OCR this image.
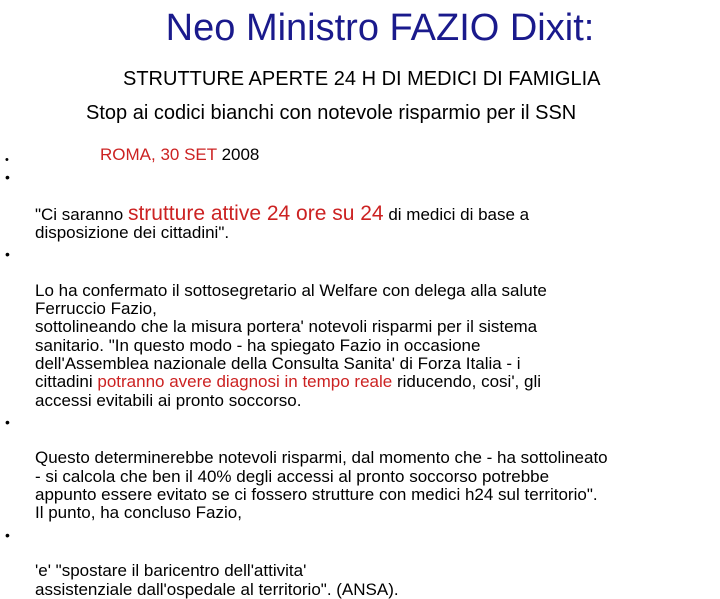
Neo Ministro FAZIO Dixit:
STRUTTURE APERTE 24 H DI MEDICI DI FAMIGLIA
Stop ai codici bianchi con notevole risparmio per il SSN
•	ROMA, 30 SET 2008

•

"Ci saranno strutture attive 24 ore su 24 di medici di base a
disposizione dei cittadini".

•

Lo ha confermato il sottosegretario al Welfare con delega alla salute
Ferruccio Fazio,
sottolineando che la misura portera' notevoli risparmi per il sistema
sanitario. "In questo modo - ha spiegato Fazio in occasione
dell'Assemblea nazionale della Consulta Sanita' di Forza Italia - i
cittadini potranno avere diagnosi in tempo reale riducendo, cosi', gli
accessi evitabili ai pronto soccorso.

•

Questo determinerebbe notevoli risparmi, dal momento che - ha sottolineato
- si calcola che ben il 40% degli accessi al pronto soccorso potrebbe
appunto essere evitato se ci fossero strutture con medici h24 sul territorio".
Il punto, ha concluso Fazio,

•

'e' "spostare il baricentro dell'attivita'
assistenziale dall'ospedale al territorio". (ANSA).
